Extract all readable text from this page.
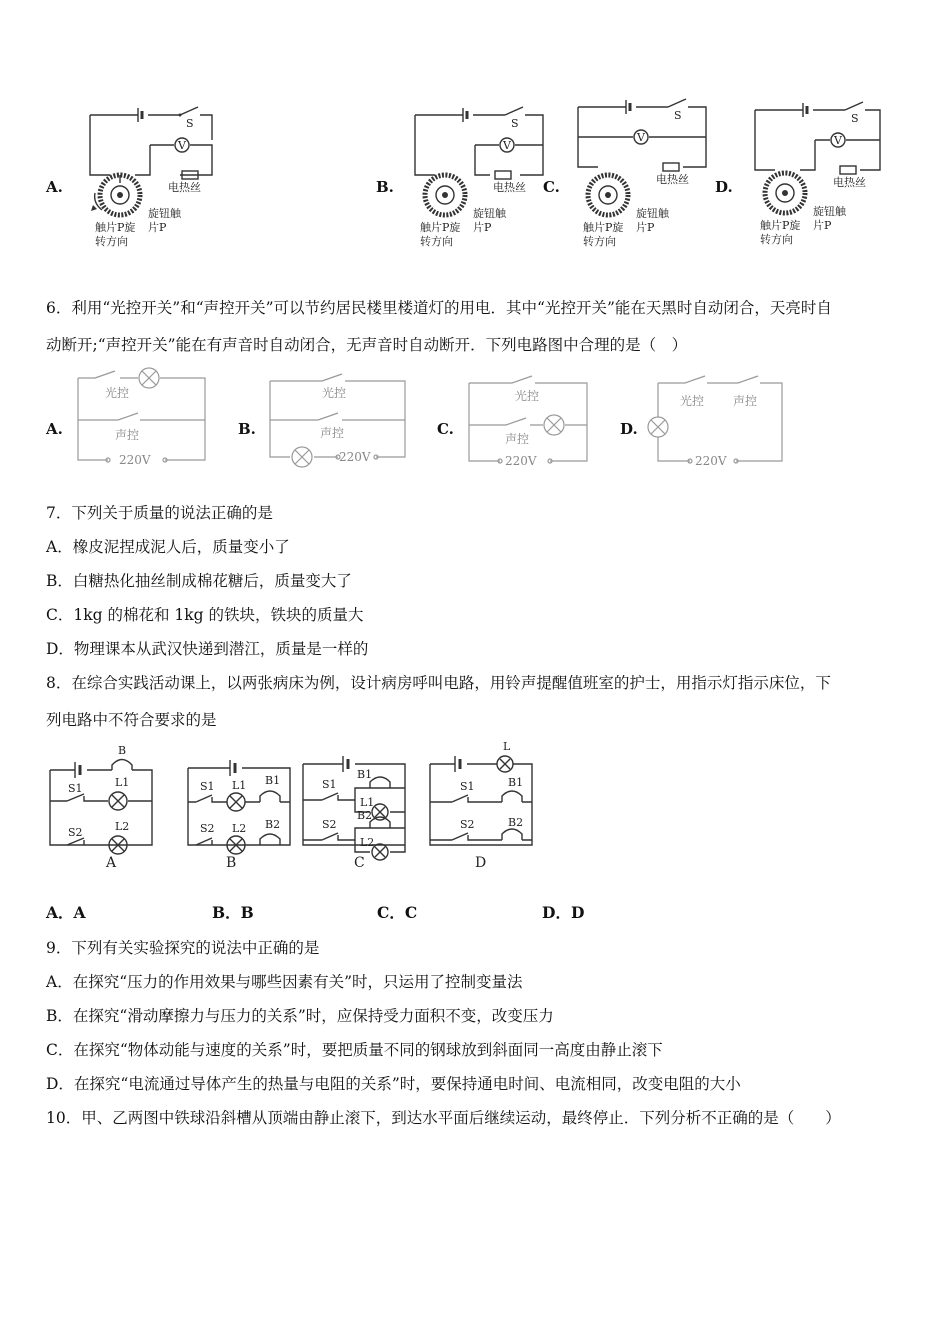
A.	B.	C.	D.
S
V
电热丝
旋钮触
片P
触片P旋
转方向
S
V
电热丝
旋钮触
片P
触片P旋
转方向
S
V
电热丝
旋钮触
片P
触片P旋
转方向
S
V
电热丝
旋钮触
片P
触片P旋
转方向
6．利用“光控开关”和“声控开关”可以节约居民楼里楼道灯的用电．其中“光控开关”能在天黑时自动闭合，天亮时自
动断开;“声控开关”能在有声音时自动闭合，无声音时自动断开．下列电路图中合理的是（　）
A.	B.	C.	D.
光控
声控
220V
光控
声控
220V
光控
声控
220V
光控 声控
220V
7．下列关于质量的说法正确的是
A．橡皮泥捏成泥人后，质量变小了
B．白糖热化抽丝制成棉花糖后，质量变大了
C．1kg 的棉花和 1kg 的铁块，铁块的质量大
D．物理课本从武汉快递到潜江，质量是一样的
8．在综合实践活动课上，以两张病床为例，设计病房呼叫电路，用铃声提醒值班室的护士，用指示灯指示床位，下
列电路中不符合要求的是
B
S1	L1
S2	L2
A
S1 L1 B1
S2 L2 B2
B
S1
B1
L1
S2
B2
L2
C
L
S1	B1
S2	B2
D
A．A	B．B	C．C	D．D
9．下列有关实验探究的说法中正确的是
A．在探究“压力的作用效果与哪些因素有关”时，只运用了控制变量法
B．在探究“滑动摩擦力与压力的关系”时，应保持受力面积不变，改变压力
C．在探究“物体动能与速度的关系”时，要把质量不同的钢球放到斜面同一高度由静止滚下
D．在探究“电流通过导体产生的热量与电阻的关系”时，要保持通电时间、电流相同，改变电阻的大小
10．甲、乙两图中铁球沿斜槽从顶端由静止滚下，到达水平面后继续运动，最终停止．下列分析不正确的是（　　）
